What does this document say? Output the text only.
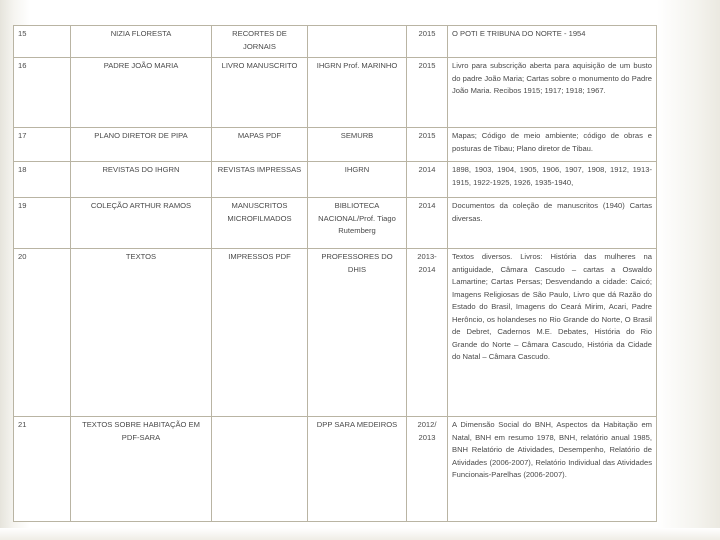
15	NIZIA FLORESTA	RECORTES DE JORNAIS		2015	O POTI E TRIBUNA DO NORTE - 1954
16	PADRE JOÃO MARIA	LIVRO MANUSCRITO	IHGRN Prof. MARINHO	2015	Livro para subscrição aberta para aquisição de um busto do padre João Maria; Cartas sobre o monumento do Padre João Maria. Recibos 1915; 1917; 1918; 1967.
17	PLANO DIRETOR DE PIPA	MAPAS PDF	SEMURB	2015	Mapas; Código de meio ambiente; código de obras e posturas de Tibau; Plano diretor de Tibau.
18	REVISTAS DO IHGRN	REVISTAS IMPRESSAS	IHGRN	2014	1898, 1903, 1904, 1905, 1906, 1907, 1908, 1912, 1913-1915, 1922-1925, 1926, 1935-1940,
19	COLEÇÃO ARTHUR RAMOS	MANUSCRITOS MICROFILMADOS	BIBLIOTECA NACIONAL/Prof. Tiago Rutemberg	2014	Documentos da coleção de manuscritos (1940) Cartas diversas.
20	TEXTOS	IMPRESSOS PDF	PROFESSORES DO DHIS	2013-2014	Textos diversos. Livros: História das mulheres na antiguidade, Câmara Cascudo – cartas a Oswaldo Lamartine; Cartas Persas; Desvendando a cidade: Caicó; Imagens Religiosas de São Paulo, Livro que dá Razão do Estado do Brasil, Imagens do Ceará Mirim, Acari, Padre Herôncio, os holandeses no Rio Grande do Norte, O Brasil de Debret, Cadernos M.E. Debates, História do Rio Grande do Norte – Câmara Cascudo, História da Cidade do Natal – Câmara Cascudo.
21	TEXTOS SOBRE HABITAÇÃO EM PDF-SARA		DPP SARA MEDEIROS	2012/ 2013	A Dimensão Social do BNH, Aspectos da Habitação em Natal, BNH em resumo 1978, BNH, relatório anual 1985, BNH Relatório de Atividades, Desempenho, Relatório de Atividades (2006-2007), Relatório Individual das Atividades Funcionais-Parelhas (2006-2007).
